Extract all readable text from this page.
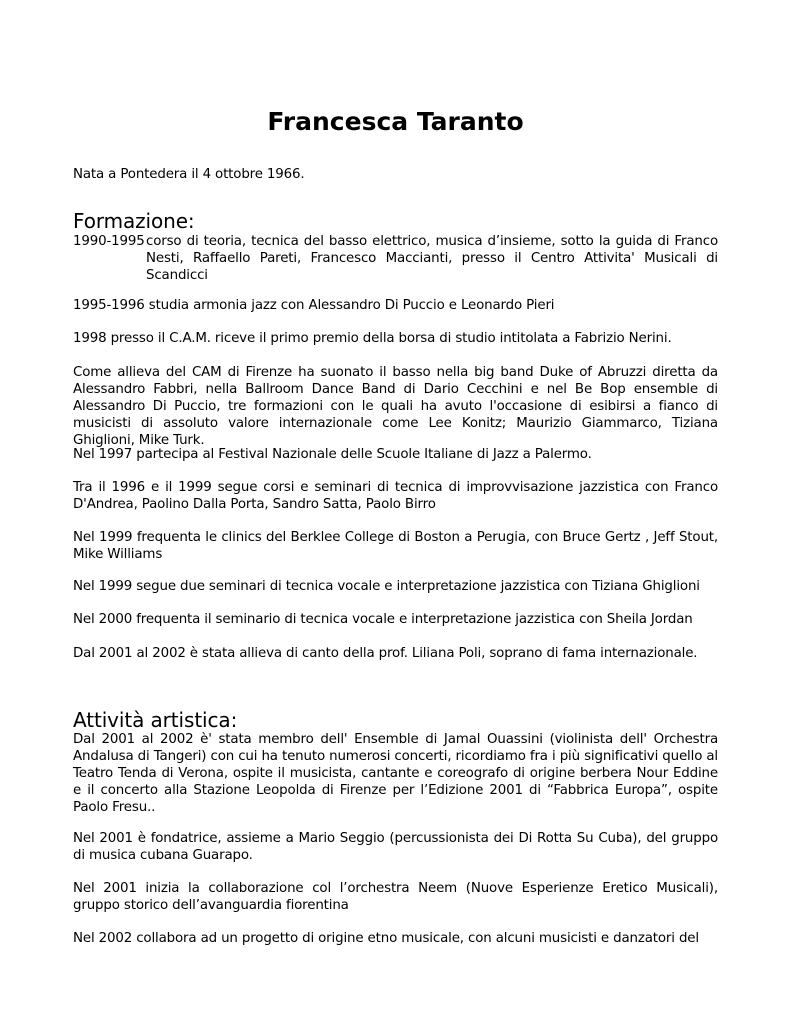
Francesca Taranto
Nata a Pontedera il 4 ottobre 1966.
Formazione:
1990-1995 corso di teoria, tecnica del basso elettrico, musica d’insieme, sotto la guida di Franco Nesti, Raffaello Pareti, Francesco Maccianti, presso il Centro Attivita' Musicali di Scandicci
1995-1996 studia armonia jazz con Alessandro Di Puccio e Leonardo Pieri
1998 presso il C.A.M. riceve il primo premio della borsa di studio intitolata a Fabrizio Nerini.
Come allieva del CAM di Firenze ha suonato il basso nella big band Duke of Abruzzi diretta da Alessandro Fabbri, nella Ballroom Dance Band di Dario Cecchini e nel Be Bop ensemble di Alessandro Di Puccio, tre formazioni con le quali ha avuto l'occasione di esibirsi a fianco di musicisti di assoluto valore internazionale come Lee Konitz; Maurizio Giammarco, Tiziana Ghiglioni, Mike Turk.
Nel 1997 partecipa al Festival Nazionale delle Scuole Italiane di Jazz a Palermo.
Tra il 1996 e il 1999 segue corsi e seminari di tecnica di improvvisazione jazzistica con Franco D'Andrea, Paolino Dalla Porta, Sandro Satta, Paolo Birro
Nel 1999 frequenta le clinics del Berklee College di Boston a Perugia, con Bruce Gertz , Jeff Stout, Mike Williams
Nel 1999 segue due seminari di tecnica vocale e interpretazione jazzistica con Tiziana Ghiglioni
Nel 2000 frequenta il seminario di tecnica vocale e interpretazione jazzistica con Sheila Jordan
Dal 2001 al 2002 è stata allieva di canto della prof. Liliana Poli, soprano di fama internazionale.
Attività artistica:
Dal 2001 al 2002 è' stata membro dell' Ensemble di Jamal Ouassini (violinista dell' Orchestra Andalusa di Tangeri) con cui ha tenuto numerosi concerti, ricordiamo fra i più significativi quello al Teatro Tenda di Verona, ospite il musicista, cantante e coreografo di origine berbera Nour Eddine e il concerto alla Stazione Leopolda di Firenze per l’Edizione 2001 di “Fabbrica Europa”, ospite Paolo Fresu..
Nel 2001 è fondatrice, assieme a Mario Seggio (percussionista dei Di Rotta Su Cuba), del gruppo di musica cubana Guarapo.
Nel 2001 inizia la collaborazione col l’orchestra Neem (Nuove Esperienze Eretico Musicali), gruppo storico dell’avanguardia fiorentina
Nel 2002 collabora ad un progetto di origine etno musicale, con alcuni musicisti e danzatori del
